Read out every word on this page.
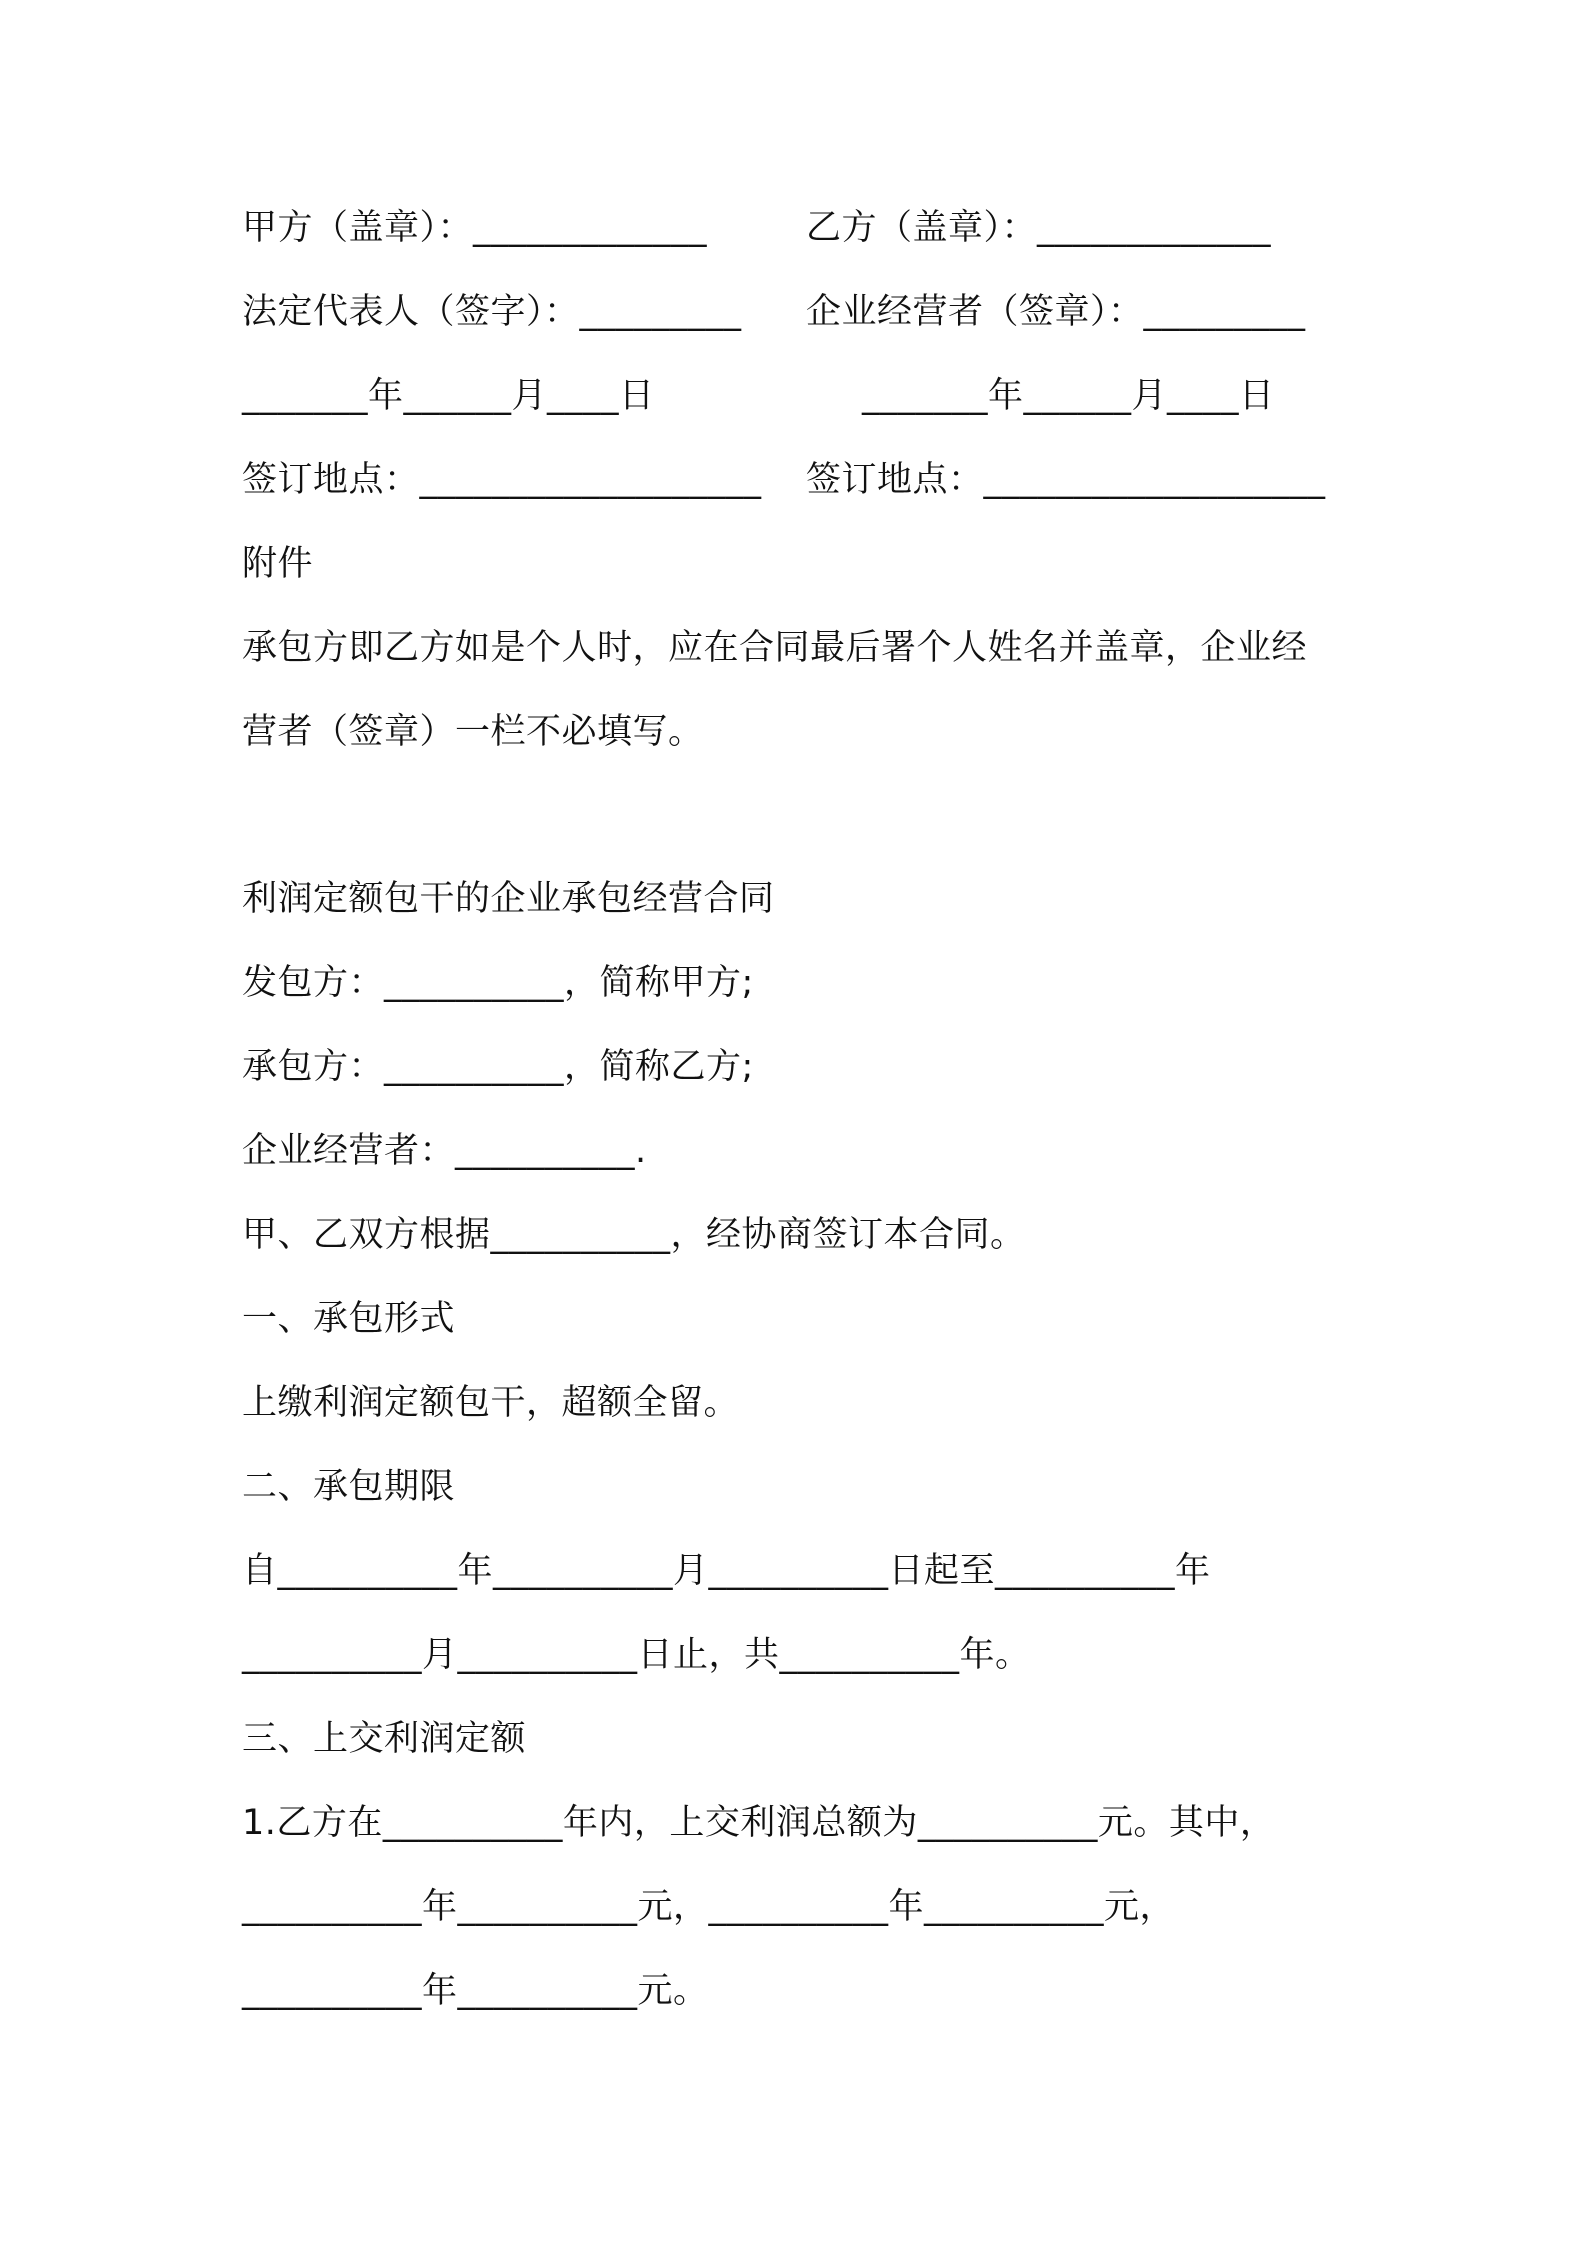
甲方（盖章）：_____________	乙方（盖章）：_____________
法定代表人（签字）：_________ 企业经营者（签章）：_________
_______年______月____日	_______年______月____日
签订地点：___________________ 签订地点：___________________
附件
承包方即乙方如是个人时，应在合同最后署个人姓名并盖章，企业经
营者（签章）一栏不必填写。
利润定额包干的企业承包经营合同
发包方：__________，简称甲方;
承包方：__________，简称乙方;
企业经营者：__________.
甲、乙双方根据__________，经协商签订本合同。
一、承包形式
上缴利润定额包干，超额全留。
二、承包期限
自__________年__________月__________日起至__________年
__________月__________日止，共__________年。
三、上交利润定额
1.乙方在__________年内，上交利润总额为__________元。其中，
__________年__________元，__________年__________元，
__________年__________元。
